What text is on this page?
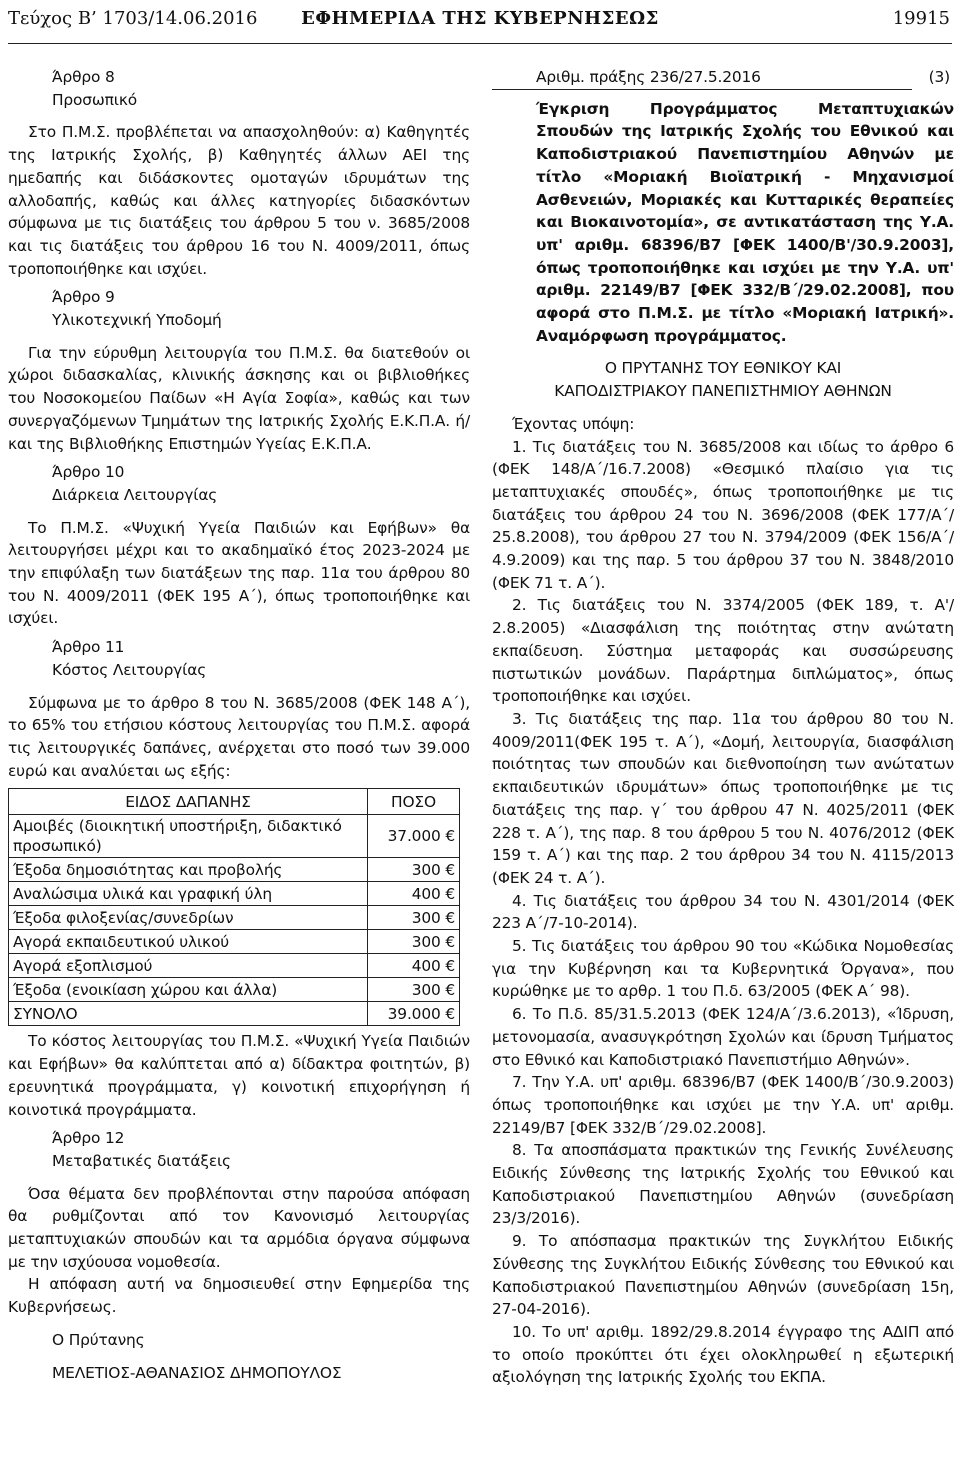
Τεύχος Β’ 1703/14.06.2016	ΕΦΗΜΕΡΙΔΑ ΤΗΣ ΚΥΒΕΡΝΗΣΕΩΣ	19915
Άρθρο 8
Προσωπικό

Στο Π.Μ.Σ. προβλέπεται να απασχοληθούν: α) Καθηγητές της Ιατρικής Σχολής, β) Καθηγητές άλλων ΑΕΙ της ημεδαπής και διδάσκοντες ομοταγών ιδρυμάτων της αλλοδαπής, καθώς και άλλες κατηγορίες διδασκόντων σύμφωνα με τις διατάξεις του άρθρου 5 του ν. 3685/2008 και τις διατάξεις του άρθρου 16 του Ν. 4009/2011, όπως τροποποιήθηκε και ισχύει.

Άρθρο 9
Υλικοτεχνική Υποδομή

Για την εύρυθμη λειτουργία του Π.Μ.Σ. θα διατεθούν οι χώροι διδασκαλίας, κλινικής άσκησης και οι βιβλιοθήκες του Νοσοκομείου Παίδων «Η Αγία Σοφία», καθώς και των συνεργαζόμενων Τμημάτων της Ιατρικής Σχολής Ε.Κ.Π.Α. ή/και της Βιβλιοθήκης Επιστημών Υγείας Ε.Κ.Π.Α.

Άρθρο 10
Διάρκεια Λειτουργίας

Το Π.Μ.Σ. «Ψυχική Υγεία Παιδιών και Εφήβων» θα λειτουργήσει μέχρι και το ακαδημαϊκό έτος 2023-2024 με την επιφύλαξη των διατάξεων της παρ. 11α του άρθρου 80 του Ν. 4009/2011 (ΦΕΚ 195 Α΄), όπως τροποποιήθηκε και ισχύει.

Άρθρο 11
Κόστος Λειτουργίας

Σύμφωνα με το άρθρο 8 του Ν. 3685/2008 (ΦΕΚ 148 Α΄), το 65% του ετήσιου κόστους λειτουργίας του Π.Μ.Σ. αφορά τις λειτουργικές δαπάνες, ανέρχεται στο ποσό των 39.000 ευρώ και αναλύεται ως εξής:

ΕΙΔΟΣ ΔΑΠΑΝΗΣ	ΠΟΣΟ
Αμοιβές (διοικητική υποστήριξη, διδακτικό προσωπικό)	37.000 €
Έξοδα δημοσιότητας και προβολής	300 €
Αναλώσιμα υλικά και γραφική ύλη	400 €
Έξοδα φιλοξενίας/συνεδρίων	300 €
Αγορά εκπαιδευτικού υλικού	300 €
Αγορά εξοπλισμού	400 €
Έξοδα (ενοικίαση χώρου και άλλα)	300 €
ΣΥΝΟΛΟ	39.000 €

Το κόστος λειτουργίας του Π.Μ.Σ. «Ψυχική Υγεία Παιδιών και Εφήβων» θα καλύπτεται από α) δίδακτρα φοιτητών, β) ερευνητικά προγράμματα, γ) κοινοτική επιχορήγηση ή κοινοτικά προγράμματα.

Άρθρο 12
Μεταβατικές διατάξεις

Όσα θέματα δεν προβλέπονται στην παρούσα απόφαση θα ρυθμίζονται από τον Κανονισμό λειτουργίας μεταπτυχιακών σπουδών και τα αρμόδια όργανα σύμφωνα με την ισχύουσα νομοθεσία.

Η απόφαση αυτή να δημοσιευθεί στην Εφημερίδα της Κυβερνήσεως.

Ο Πρύτανης
ΜΕΛΕΤΙΟΣ-ΑΘΑΝΑΣΙΟΣ ΔΗΜΟΠΟΥΛΟΣ
Αριθμ. πράξης 236/27.5.2016	(3)

Έγκριση Προγράμματος Μεταπτυχιακών Σπουδών της Ιατρικής Σχολής του Εθνικού και Καποδιστριακού Πανεπιστημίου Αθηνών με τίτλο «Μοριακή Βιοϊατρική - Μηχανισμοί Ασθενειών, Μοριακές και Κυτταρικές θεραπείες και Βιοκαινοτομία», σε αντικατάσταση της Υ.Α. υπ' αριθμ. 68396/Β7 [ΦΕΚ 1400/Β'/30.9.2003], όπως τροποποιήθηκε και ισχύει με την Υ.Α. υπ' αριθμ. 22149/Β7 [ΦΕΚ 332/Β΄/29.02.2008], που αφορά στο Π.Μ.Σ. με τίτλο «Μοριακή Ιατρική». Αναμόρφωση προγράμματος.

Ο ΠΡΥΤΑΝΗΣ ΤΟΥ ΕΘΝΙΚΟΥ ΚΑΙ
ΚΑΠΟΔΙΣΤΡΙΑΚΟΥ ΠΑΝΕΠΙΣΤΗΜΙΟΥ ΑΘΗΝΩΝ

Έχοντας υπόψη:

1. Τις διατάξεις του Ν. 3685/2008 και ιδίως το άρθρο 6 (ΦΕΚ 148/Α΄/16.7.2008) «Θεσμικό πλαίσιο για τις μεταπτυχιακές σπουδές», όπως τροποποιήθηκε με τις διατάξεις του άρθρου 24 του Ν. 3696/2008 (ΦΕΚ 177/Α΄/ 25.8.2008), του άρθρου 27 του Ν. 3794/2009 (ΦΕΚ 156/Α΄/ 4.9.2009) και της παρ. 5 του άρθρου 37 του Ν. 3848/2010 (ΦΕΚ 71 τ. Α΄).

2. Τις διατάξεις του Ν. 3374/2005 (ΦΕΚ 189, τ. Α'/ 2.8.2005) «Διασφάλιση της ποιότητας στην ανώτατη εκπαίδευση. Σύστημα μεταφοράς και συσσώρευσης πιστωτικών μονάδων. Παράρτημα διπλώματος», όπως τροποποιήθηκε και ισχύει.

3. Τις διατάξεις της παρ. 11α του άρθρου 80 του Ν. 4009/2011(ΦΕΚ 195 τ. Α΄), «Δομή, λειτουργία, διασφάλιση ποιότητας των σπουδών και διεθνοποίηση των ανώτατων εκπαιδευτικών ιδρυμάτων» όπως τροποποιήθηκε με τις διατάξεις της παρ. γ΄ του άρθρου 47 Ν. 4025/2011 (ΦΕΚ 228 τ. Α΄), της παρ. 8 του άρθρου 5 του Ν. 4076/2012 (ΦΕΚ 159 τ. Α΄) και της παρ. 2 του άρθρου 34 του Ν. 4115/2013 (ΦΕΚ 24 τ. Α΄).

4. Τις διατάξεις του άρθρου 34 του Ν. 4301/2014 (ΦΕΚ 223 Α΄/7-10-2014).

5. Τις διατάξεις του άρθρου 90 του «Κώδικα Νομοθεσίας για την Κυβέρνηση και τα Κυβερνητικά Όργανα», που κυρώθηκε με το αρθρ. 1 του Π.δ. 63/2005 (ΦΕΚ Α΄ 98).

6. Το Π.δ. 85/31.5.2013 (ΦΕΚ 124/Α΄/3.6.2013), «Ίδρυση, μετονομασία, ανασυγκρότηση Σχολών και ίδρυση Τμήματος στο Εθνικό και Καποδιστριακό Πανεπιστήμιο Αθηνών».

7. Την Υ.Α. υπ' αριθμ. 68396/Β7 (ΦΕΚ 1400/Β΄/30.9.2003) όπως τροποποιήθηκε και ισχύει με την Υ.Α. υπ' αριθμ. 22149/Β7 [ΦΕΚ 332/Β΄/29.02.2008].

8. Τα αποσπάσματα πρακτικών της Γενικής Συνέλευσης Ειδικής Σύνθεσης της Ιατρικής Σχολής του Εθνικού και Καποδιστριακού Πανεπιστημίου Αθηνών (συνεδρίαση 23/3/2016).

9. Το απόσπασμα πρακτικών της Συγκλήτου Ειδικής Σύνθεσης της Συγκλήτου Ειδικής Σύνθεσης του Εθνικού και Καποδιστριακού Πανεπιστημίου Αθηνών (συνεδρίαση 15η, 27-04-2016).

10. Το υπ' αριθμ. 1892/29.8.2014 έγγραφο της ΑΔΙΠ από το οποίο προκύπτει ότι έχει ολοκληρωθεί η εξωτερική αξιολόγηση της Ιατρικής Σχολής του ΕΚΠΑ.
